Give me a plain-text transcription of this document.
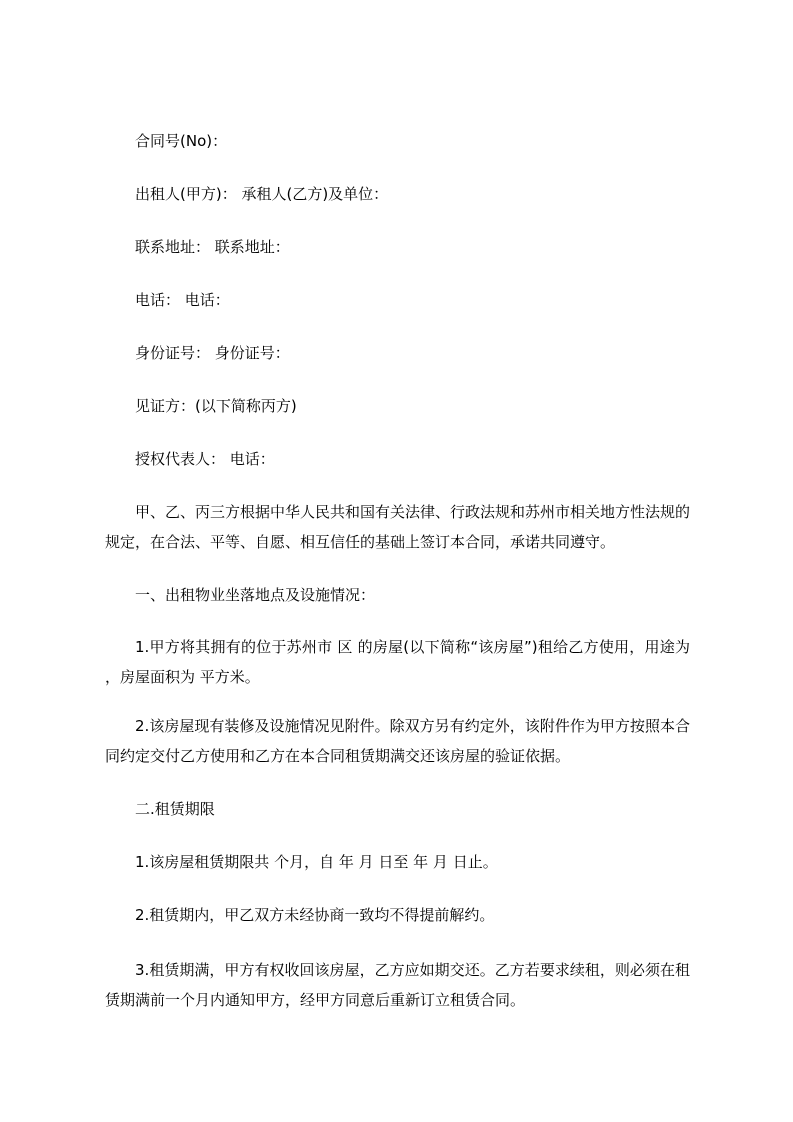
合同号(No)：
出租人(甲方)： 承租人(乙方)及单位：
联系地址： 联系地址：
电话： 电话：
身份证号： 身份证号：
见证方：(以下简称丙方)
授权代表人： 电话：
甲、乙、丙三方根据中华人民共和国有关法律、行政法规和苏州市相关地方性法规的规定，在合法、平等、自愿、相互信任的基础上签订本合同，承诺共同遵守。
一、出租物业坐落地点及设施情况：
1.甲方将其拥有的位于苏州市 区 的房屋(以下简称“该房屋”)租给乙方使用，用途为 ，房屋面积为 平方米。
2.该房屋现有装修及设施情况见附件。除双方另有约定外，该附件作为甲方按照本合同约定交付乙方使用和乙方在本合同租赁期满交还该房屋的验证依据。
二.租赁期限
1.该房屋租赁期限共 个月，自 年 月 日至 年 月 日止。
2.租赁期内，甲乙双方未经协商一致均不得提前解约。
3.租赁期满，甲方有权收回该房屋，乙方应如期交还。乙方若要求续租，则必须在租赁期满前一个月内通知甲方，经甲方同意后重新订立租赁合同。
